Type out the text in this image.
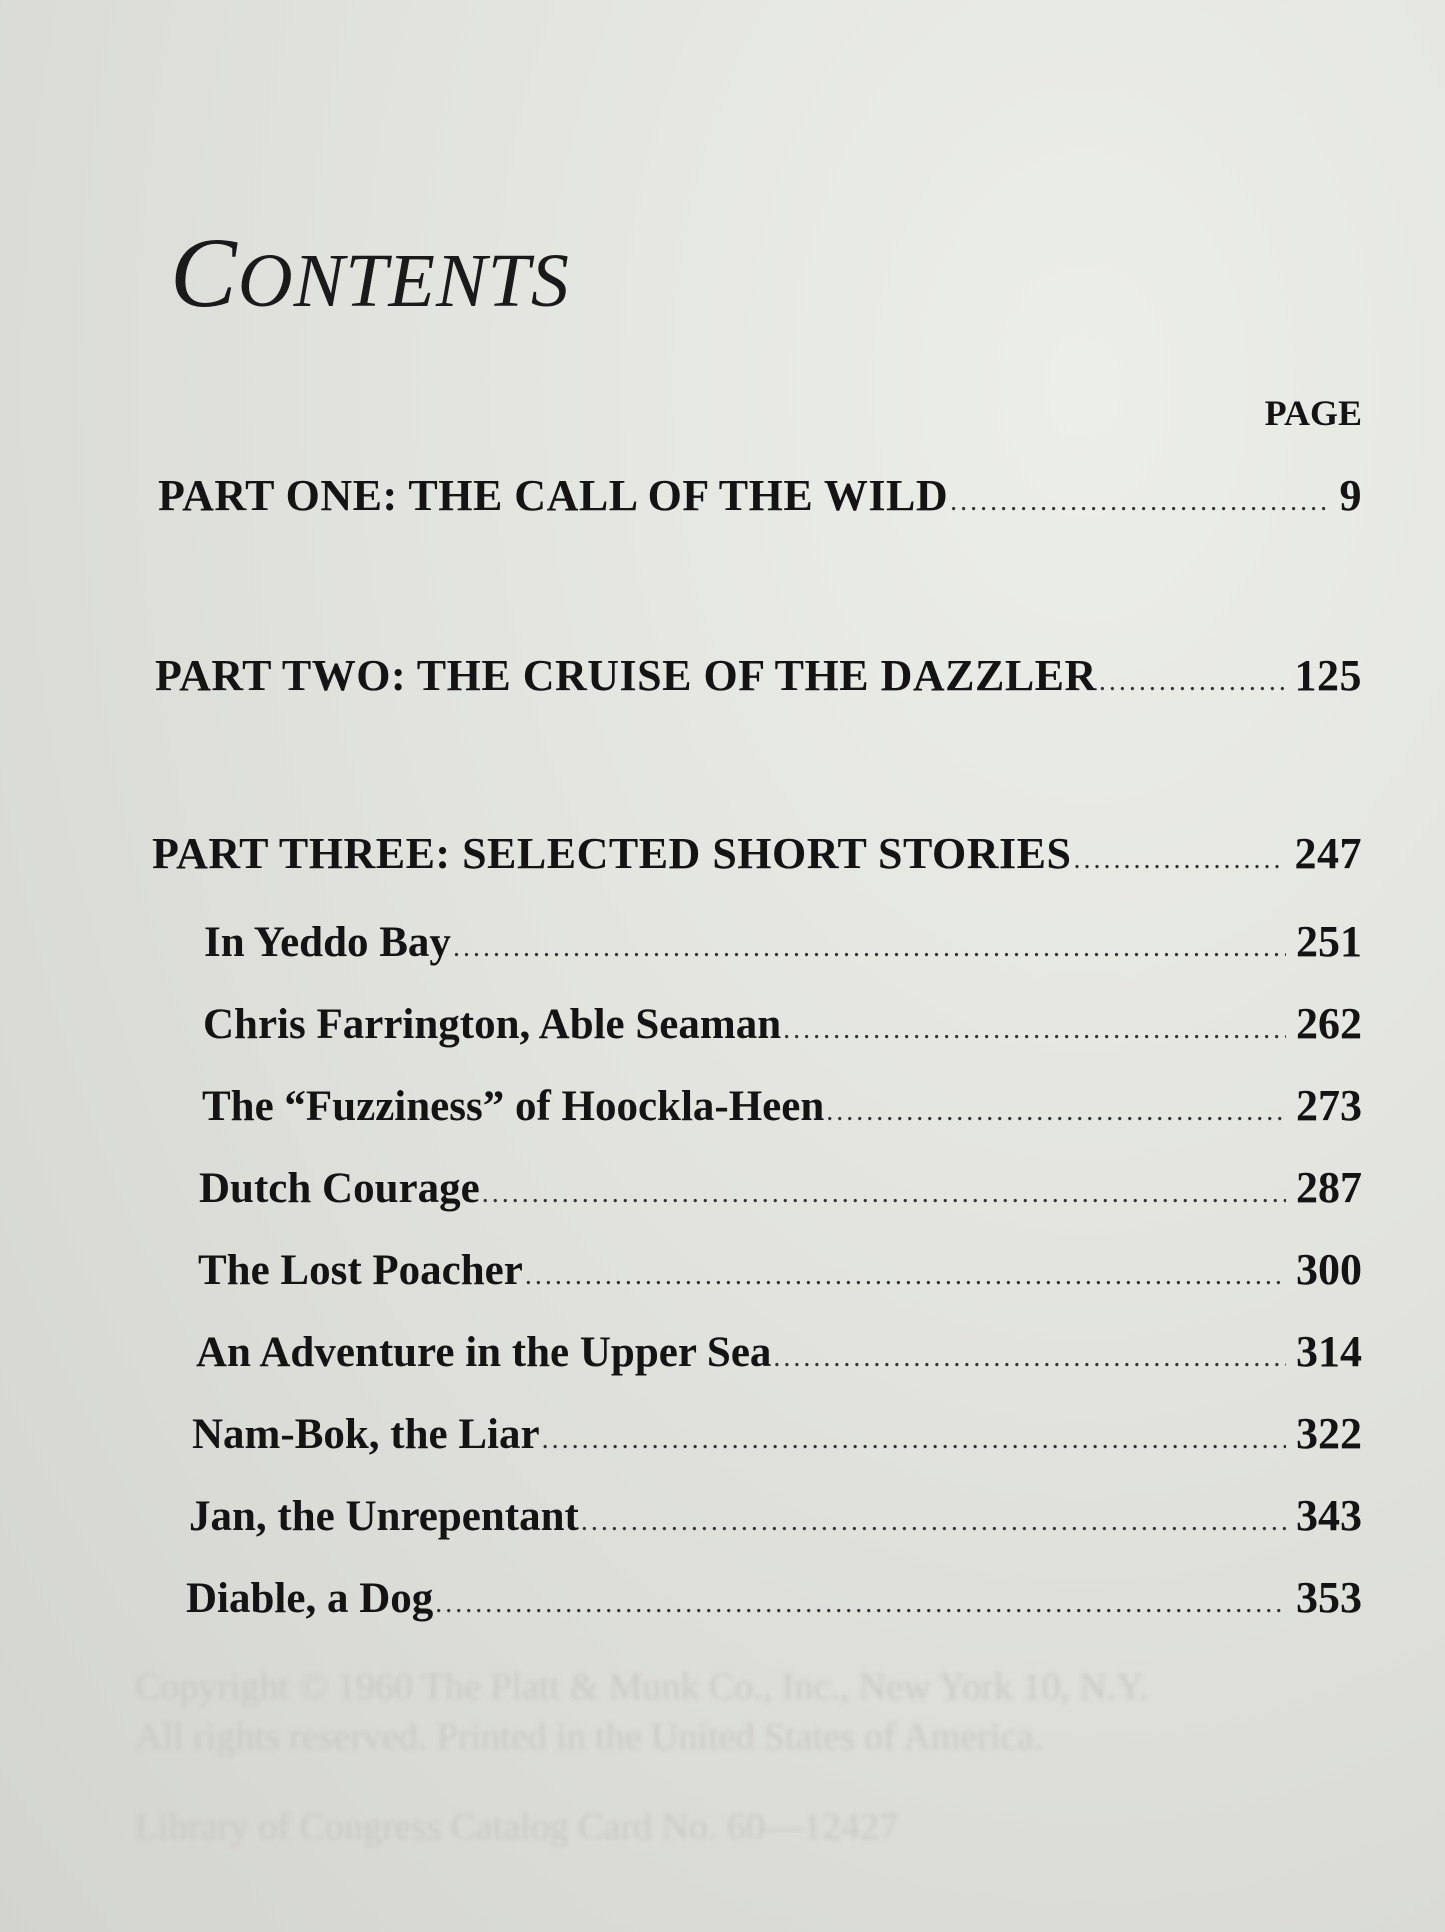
CONTENTS
PAGE
PART ONE: THE CALL OF THE WILD .....	9
PART TWO: THE CRUISE OF THE DAZZLER .....	125
PART THREE: SELECTED SHORT STORIES .....	247
In Yeddo Bay .....	251
Chris Farrington, Able Seaman .....	262
The “Fuzziness” of Hoockla-Heen .....	273
Dutch Courage .....	287
The Lost Poacher .....	300
An Adventure in the Upper Sea .....	314
Nam-Bok, the Liar .....	322
Jan, the Unrepentant .....	343
Diable, a Dog .....	353
Copyright © 1960 The Platt & Munk Co., Inc., New York 10, N.Y.
All rights reserved. Printed in the United States of America.
Library of Congress Catalog Card No. 60—12427
